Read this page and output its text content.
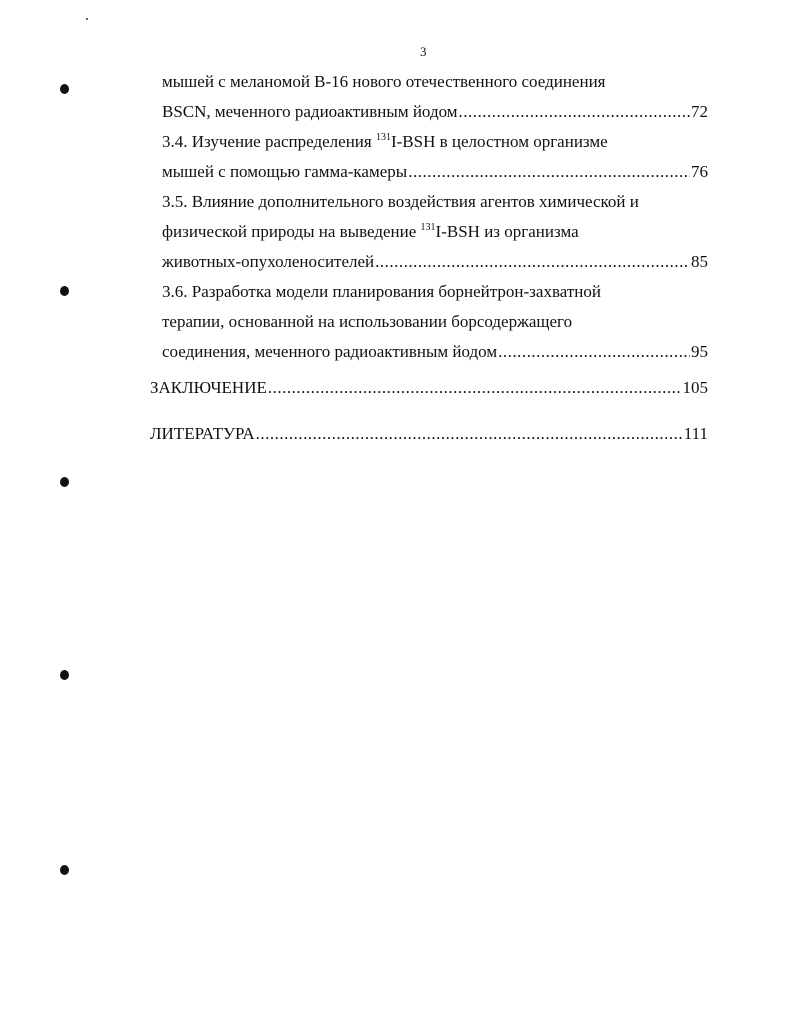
3
мышей с меланомой В-16 нового отечественного соединения
BSCN, меченного радиоактивным йодом .....	72
3.4. Изучение распределения $^{131}$I-BSH в целостном организме
мышей с помощью гамма-камеры .....	76
3.5. Влияние дополнительного воздействия агентов химической и
физической природы на выведение $^{131}$I-BSH из организма
животных-опухоленосителей .....	85
3.6. Разработка модели планирования борнейтрон-захватной
терапии, основанной на использовании борсодержащего
соединения, меченного радиоактивным йодом .....	95
ЗАКЛЮЧЕНИЕ .....	105
ЛИТЕРАТУРА .....	111
